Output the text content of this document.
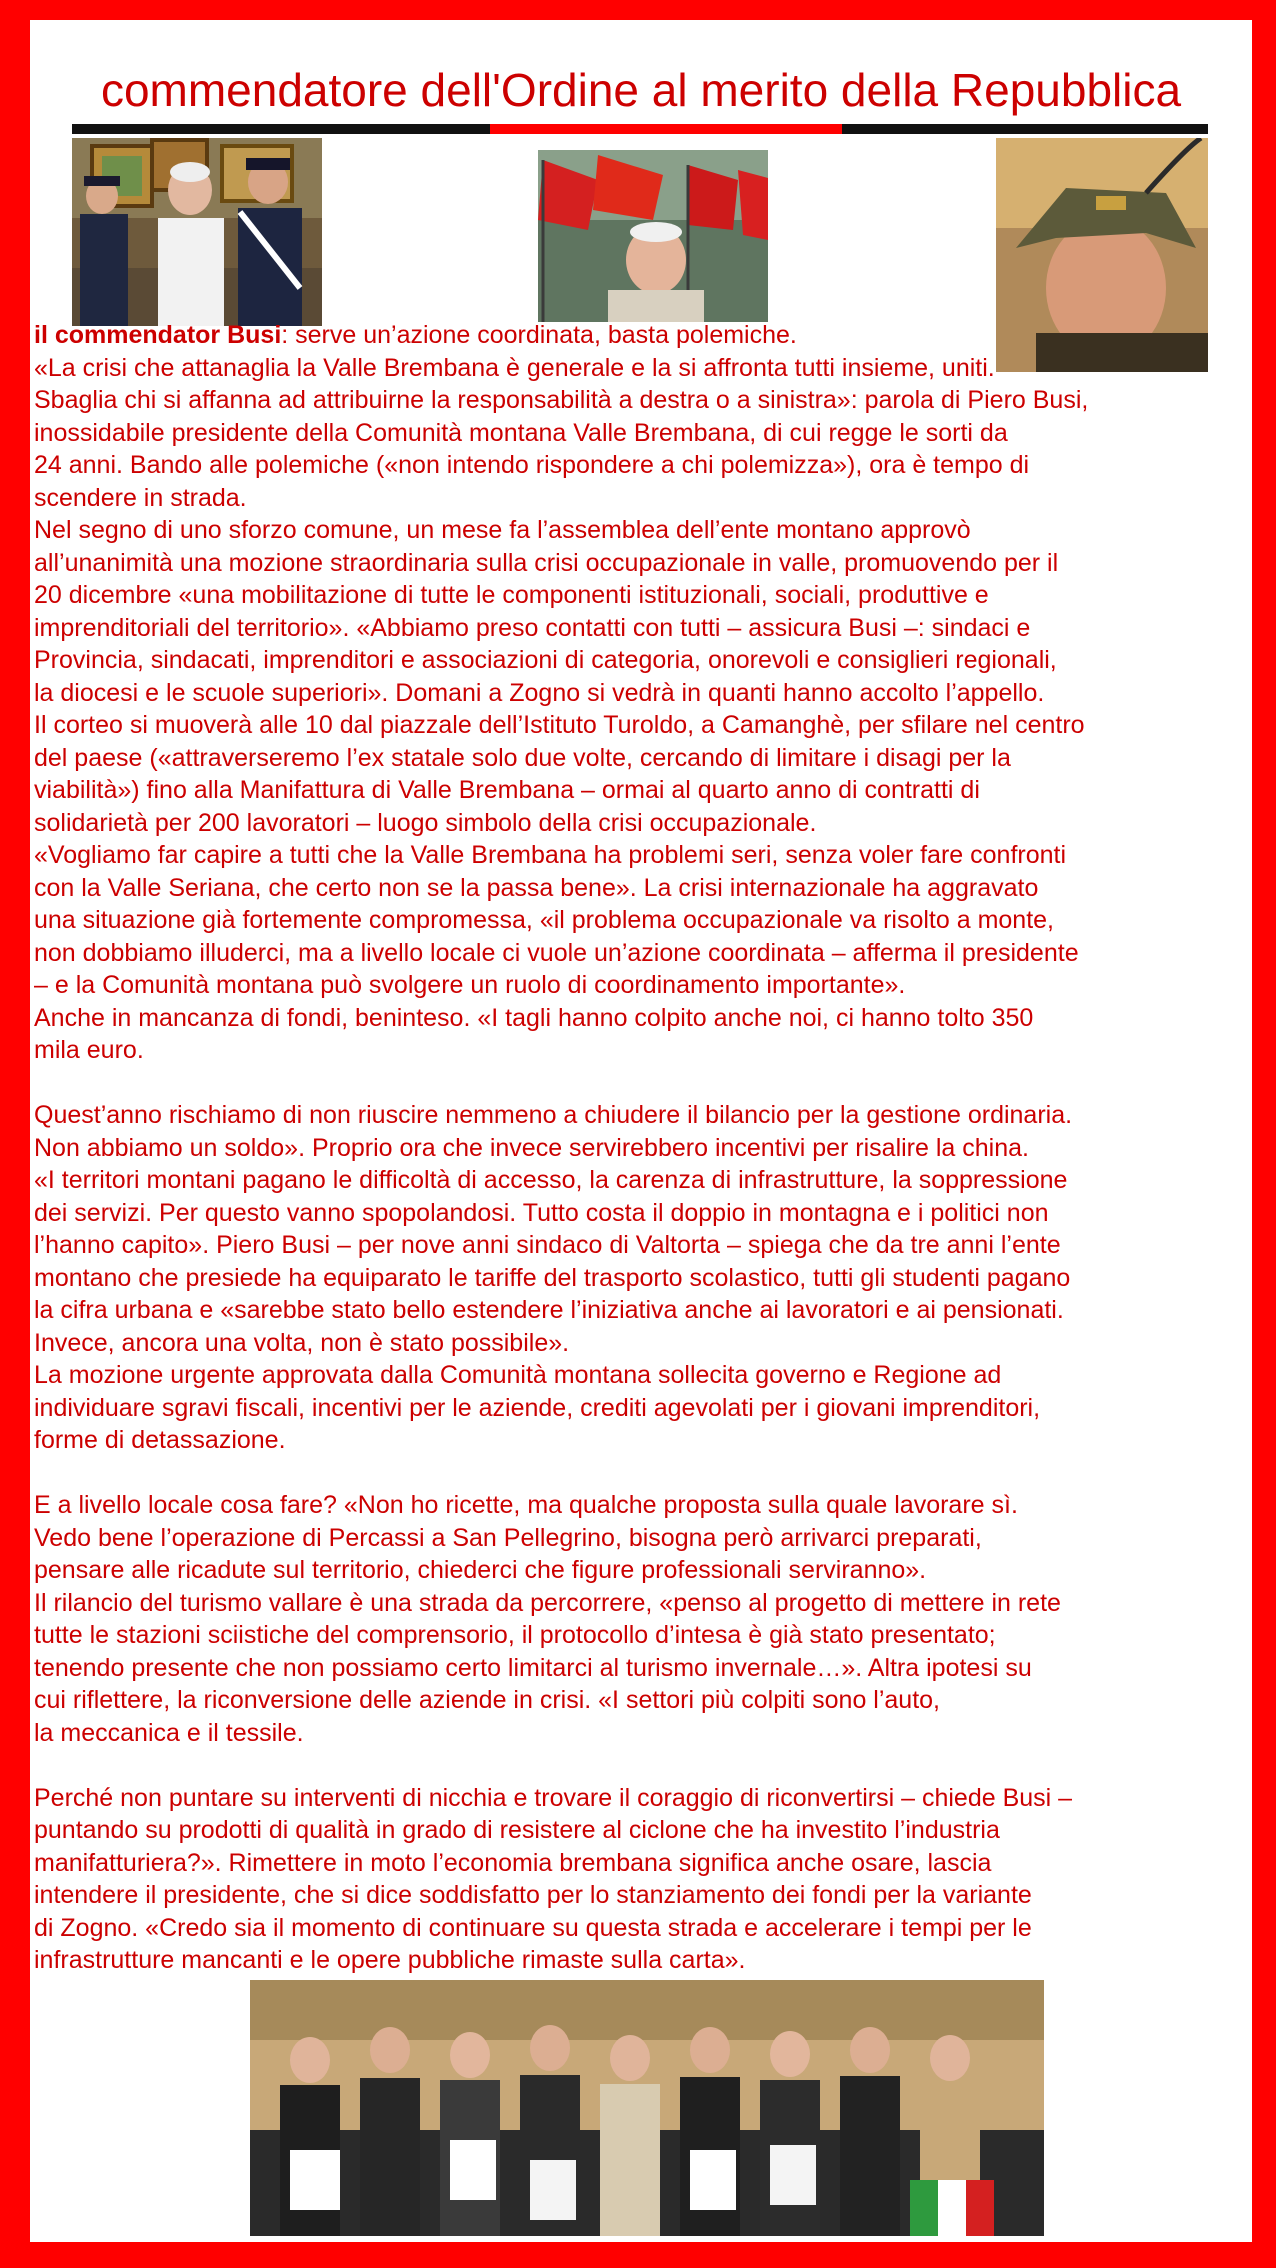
commendatore dell'Ordine al merito della Repubblica

il commendator Busi: serve un’azione coordinata, basta polemiche.

«La crisi che attanaglia la Valle Brembana è generale e la si affronta tutti insieme, uniti.

Sbaglia chi si affanna ad attribuirne la responsabilità a destra o a sinistra»: parola di Piero Busi,

inossidabile presidente della Comunità montana Valle Brembana, di cui regge le sorti da

24 anni. Bando alle polemiche («non intendo rispondere a chi polemizza»), ora è tempo di

scendere in strada.

Nel segno di uno sforzo comune, un mese fa l’assemblea dell’ente montano approvò

all’unanimità una mozione straordinaria sulla crisi occupazionale in valle, promuovendo per il

20 dicembre «una mobilitazione di tutte le componenti istituzionali, sociali, produttive e

imprenditoriali del territorio». «Abbiamo preso contatti con tutti – assicura Busi –: sindaci e

Provincia, sindacati, imprenditori e associazioni di categoria, onorevoli e consiglieri regionali,

la diocesi e le scuole superiori». Domani a Zogno si vedrà in quanti hanno accolto l’appello.

Il corteo si muoverà alle 10 dal piazzale dell’Istituto Turoldo, a Camanghè, per sfilare nel centro

del paese («attraverseremo l’ex statale solo due volte, cercando di limitare i disagi per la

viabilità») fino alla Manifattura di Valle Brembana – ormai al quarto anno di contratti di

solidarietà per 200 lavoratori – luogo simbolo della crisi occupazionale.

«Vogliamo far capire a tutti che la Valle Brembana ha problemi seri, senza voler fare confronti

con la Valle Seriana, che certo non se la passa bene». La crisi internazionale ha aggravato

una situazione già fortemente compromessa, «il problema occupazionale va risolto a monte,

non dobbiamo illuderci, ma a livello locale ci vuole un’azione coordinata – afferma il presidente

– e la Comunità montana può svolgere un ruolo di coordinamento importante».

Anche in mancanza di fondi, beninteso. «I tagli hanno colpito anche noi, ci hanno tolto 350

mila euro.

Quest’anno rischiamo di non riuscire nemmeno a chiudere il bilancio per la gestione ordinaria.

Non abbiamo un soldo». Proprio ora che invece servirebbero incentivi per risalire la china.

«I territori montani pagano le difficoltà di accesso, la carenza di infrastrutture, la soppressione

dei servizi. Per questo vanno spopolandosi. Tutto costa il doppio in montagna e i politici non

l’hanno capito». Piero Busi – per nove anni sindaco di Valtorta – spiega che da tre anni l’ente

montano che presiede ha equiparato le tariffe del trasporto scolastico, tutti gli studenti pagano

la cifra urbana e «sarebbe stato bello estendere l’iniziativa anche ai lavoratori e ai pensionati.

Invece, ancora una volta, non è stato possibile».

La mozione urgente approvata dalla Comunità montana sollecita governo e Regione ad

individuare sgravi fiscali, incentivi per le aziende, crediti agevolati per i giovani imprenditori,

forme di detassazione.

E a livello locale cosa fare? «Non ho ricette, ma qualche proposta sulla quale lavorare sì.

Vedo bene l’operazione di Percassi a San Pellegrino, bisogna però arrivarci preparati,

pensare alle ricadute sul territorio, chiederci che figure professionali serviranno».

Il rilancio del turismo vallare è una strada da percorrere, «penso al progetto di mettere in rete

tutte le stazioni sciistiche del comprensorio, il protocollo d’intesa è già stato presentato;

tenendo presente che non possiamo certo limitarci al turismo invernale…». Altra ipotesi su

cui riflettere, la riconversione delle aziende in crisi. «I settori più colpiti sono l’auto,

la meccanica e il tessile.

Perché non puntare su interventi di nicchia e trovare il coraggio di riconvertirsi – chiede Busi –

puntando su prodotti di qualità in grado di resistere al ciclone che ha investito l’industria

manifatturiera?». Rimettere in moto l’economia brembana significa anche osare, lascia

intendere il presidente, che si dice soddisfatto per lo stanziamento dei fondi per la variante

di Zogno. «Credo sia il momento di continuare su questa strada e accelerare i tempi per le

infrastrutture mancanti e le opere pubbliche rimaste sulla carta».
